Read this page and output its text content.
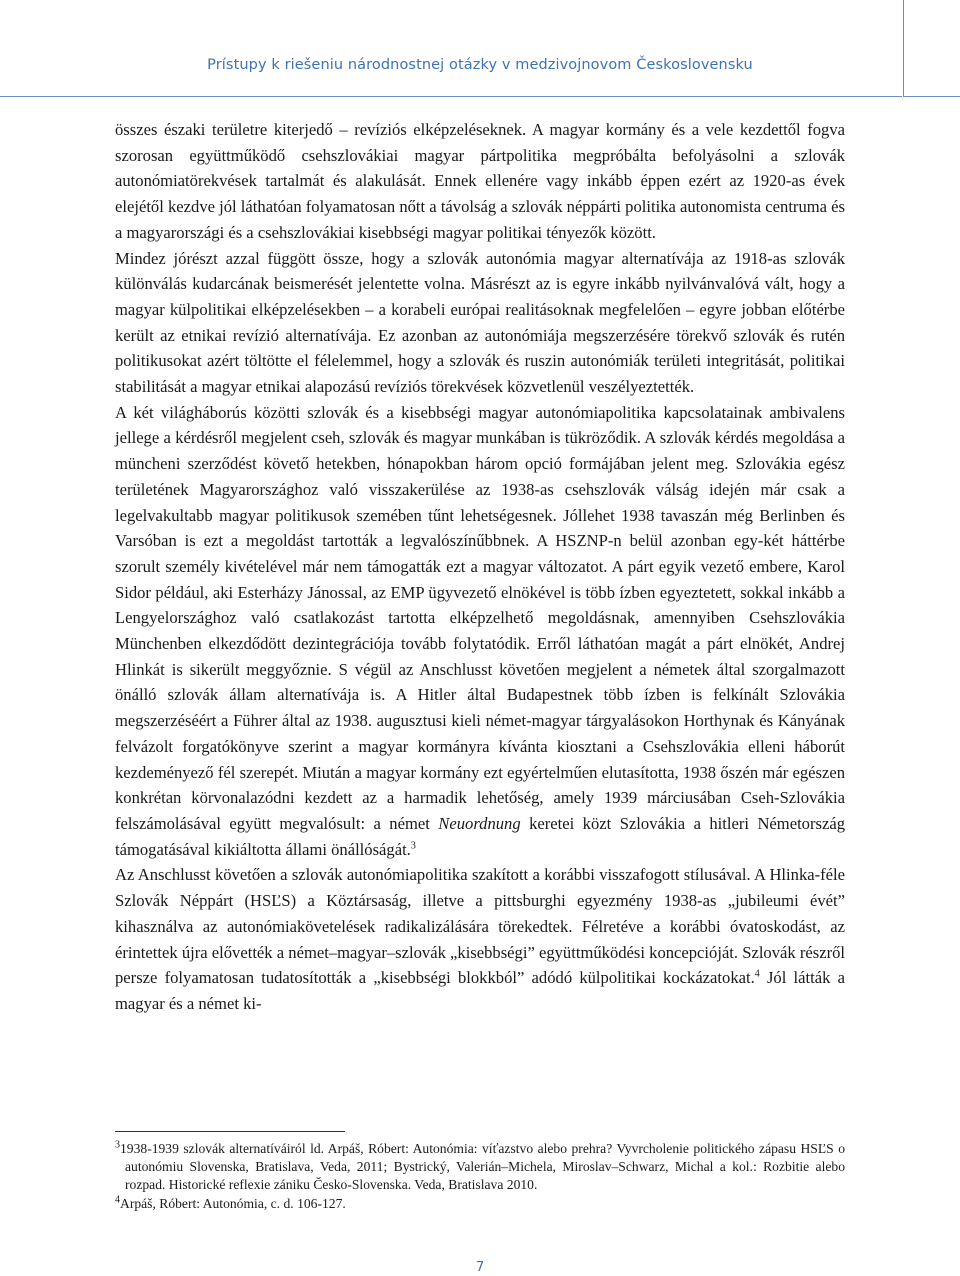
Prístupy k riešeniu národnostnej otázky v medzivojnovom Československu

összes északi területre kiterjedő – revíziós elképzeléseknek. A magyar kormány és a vele kezdettől fogva szorosan együttműködő csehszlovákiai magyar pártpolitika megpróbálta befolyásolni a szlovák autonómiatörekvések tartalmát és alakulását. Ennek ellenére vagy inkább éppen ezért az 1920-as évek elejétől kezdve jól láthatóan folyamatosan nőtt a távolság a szlovák néppárti politika autonomista centruma és a magyarországi és a csehszlovákiai kisebbségi magyar politikai tényezők között.

Mindez jórészt azzal függött össze, hogy a szlovák autonómia magyar alternatívája az 1918-as szlovák különválás kudarcának beismerését jelentette volna. Másrészt az is egyre inkább nyilvánvalóvá vált, hogy a magyar külpolitikai elképzelésekben – a korabeli európai realitásoknak megfelelően – egyre jobban előtérbe került az etnikai revízió alternatívája. Ez azonban az autonómiája megszerzésére törekvő szlovák és rutén politikusokat azért töltötte el félelemmel, hogy a szlovák és ruszin autonómiák területi integritását, politikai stabilitását a magyar etnikai alapozású revíziós törekvések közvetlenül veszélyeztették.

A két világháborús közötti szlovák és a kisebbségi magyar autonómiapolitika kapcsolatainak ambivalens jellege a kérdésről megjelent cseh, szlovák és magyar munkában is tükröződik. A szlovák kérdés megoldása a müncheni szerződést követő hetekben, hónapokban három opció formájában jelent meg. Szlovákia egész területének Magyarországhoz való visszakerülése az 1938-as csehszlovák válság idején már csak a legelvakultabb magyar politikusok szemében tűnt lehetségesnek. Jóllehet 1938 tavaszán még Berlinben és Varsóban is ezt a megoldást tartották a legvalószínűbbnek. A HSZNP-n belül azonban egy-két háttérbe szorult személy kivételével már nem támogatták ezt a magyar változatot. A párt egyik vezető embere, Karol Sidor például, aki Esterházy Jánossal, az EMP ügyvezető elnökével is több ízben egyeztetett, sokkal inkább a Lengyelországhoz való csatlakozást tartotta elképzelhető megoldásnak, amennyiben Csehszlovákia Münchenben elkezdődött dezintegrációja tovább folytatódik. Erről láthatóan magát a párt elnökét, Andrej Hlinkát is sikerült meggyőznie. S végül az Anschlusst követően megjelent a németek által szorgalmazott önálló szlovák állam alternatívája is. A Hitler által Budapestnek több ízben is felkínált Szlovákia megszerzéséért a Führer által az 1938. augusztusi kieli német-magyar tárgyalásokon Horthynak és Kányának felvázolt forgatókönyve szerint a magyar kormányra kívánta kiosztani a Csehszlovákia elleni háborút kezdeményező fél szerepét. Miután a magyar kormány ezt egyértelműen elutasította, 1938 őszén már egészen konkrétan körvonalazódni kezdett az a harmadik lehetőség, amely 1939 márciusában Cseh-Szlovákia felszámolásával együtt megvalósult: a német Neuordnung keretei közt Szlovákia a hitleri Németország támogatásával kikiáltotta állami önállóságát.$^3$

Az Anschlusst követően a szlovák autonómiapolitika szakított a korábbi visszafogott stílusával. A Hlinka-féle Szlovák Néppárt (HSĽS) a Köztársaság, illetve a pittsburghi egyezmény 1938-as „jubileumi évét” kihasználva az autonómiakövetelések radikalizálására törekedtek. Félretéve a korábbi óvatoskodást, az érintettek újra elővették a német–magyar–szlovák „kisebbségi” együttműködési koncepcióját. Szlovák részről persze folyamatosan tudatosították a „kisebbségi blokkból” adódó külpolitikai kockázatokat.$^4$ Jól látták a magyar és a német ki-

$^3$1938-1939 szlovák alternatíváiról ld. Arpáš, Róbert: Autonómia: víťazstvo alebo prehra? Vyvrcholenie politického zápasu HSĽS o autonómiu Slovenska, Bratislava, Veda, 2011; Bystrický, Valerián–Michela, Miroslav–Schwarz, Michal a kol.: Rozbitie alebo rozpad. Historické reflexie zániku Česko-Slovenska. Veda, Bratislava 2010.

$^4$Arpáš, Róbert: Autonómia, c. d. 106-127.

7
